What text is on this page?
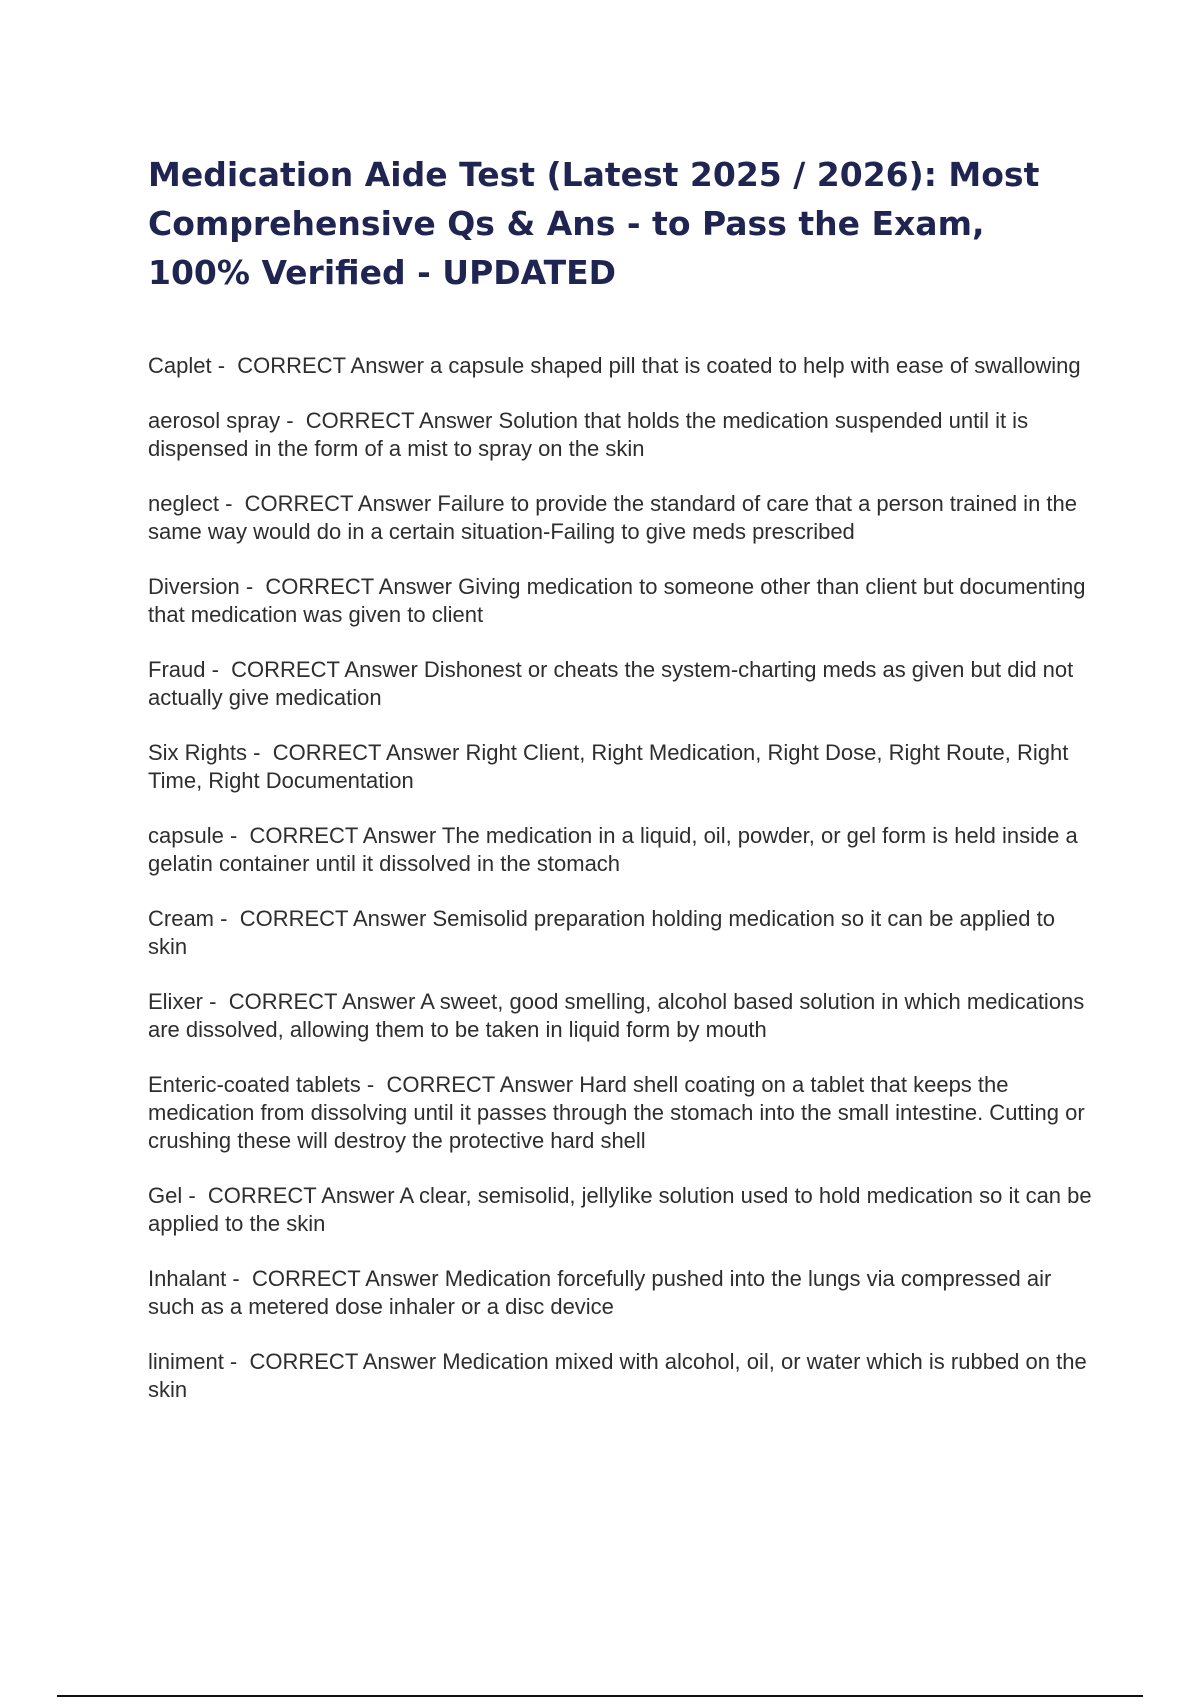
Medication Aide Test (Latest 2025 / 2026): Most Comprehensive Qs & Ans - to Pass the Exam, 100% Verified - UPDATED

Caplet -  CORRECT Answer a capsule shaped pill that is coated to help with ease of swallowing

aerosol spray -  CORRECT Answer Solution that holds the medication suspended until it is dispensed in the form of a mist to spray on the skin

neglect -  CORRECT Answer Failure to provide the standard of care that a person trained in the same way would do in a certain situation-Failing to give meds prescribed

Diversion -  CORRECT Answer Giving medication to someone other than client but documenting that medication was given to client

Fraud -  CORRECT Answer Dishonest or cheats the system-charting meds as given but did not actually give medication

Six Rights -  CORRECT Answer Right Client, Right Medication, Right Dose, Right Route, Right Time, Right Documentation

capsule -  CORRECT Answer The medication in a liquid, oil, powder, or gel form is held inside a gelatin container until it dissolved in the stomach

Cream -  CORRECT Answer Semisolid preparation holding medication so it can be applied to skin

Elixer -  CORRECT Answer A sweet, good smelling, alcohol based solution in which medications are dissolved, allowing them to be taken in liquid form by mouth

Enteric-coated tablets -  CORRECT Answer Hard shell coating on a tablet that keeps the medication from dissolving until it passes through the stomach into the small intestine. Cutting or crushing these will destroy the protective hard shell

Gel -  CORRECT Answer A clear, semisolid, jellylike solution used to hold medication so it can be applied to the skin

Inhalant -  CORRECT Answer Medication forcefully pushed into the lungs via compressed air such as a metered dose inhaler or a disc device

liniment -  CORRECT Answer Medication mixed with alcohol, oil, or water which is rubbed on the skin
